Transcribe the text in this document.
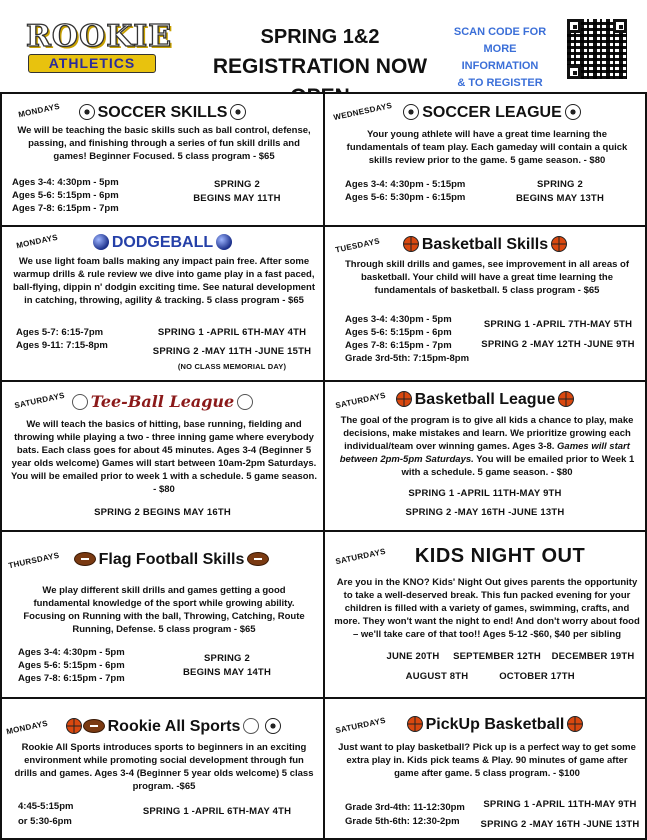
ROOKIE
ATHLETICS
SPRING 1&2
REGISTRATION NOW
SCAN CODE FOR
MORE INFORMATION
& TO REGISTER
MONDAYS	SOCCER SKILLS
We will be teaching the basic skills such as ball control, defense, passing, and finishing through a series of fun skill drills and games! Beginner Focused. 5 class program - $65
Ages 3-4: 4:30pm - 5pm
Ages 5-6: 5:15pm - 6pm
Ages 7-8: 6:15pm - 7pm
SPRING 2
BEGINS MAY 11TH
WEDNESDAYS	SOCCER LEAGUE
Your young athlete will have a great time learning the fundamentals of team play. Each gameday will contain a quick skills review prior to the game. 5 game season. - $80
Ages 3-4: 4:30pm - 5:15pm
Ages 5-6: 5:30pm - 6:15pm
SPRING 2
BEGINS MAY 13TH
MONDAYS	DODGEBALL
We use light foam balls making any impact pain free. After some warmup drills & rule review we dive into game play in a fast paced, ball-flying, dippin n' dodgin exciting time. See natural development in catching, throwing, agility & tracking. 5 class program - $65
Ages 5-7: 6:15-7pm
Ages 9-11: 7:15-8pm
SPRING 1 -APRIL 6TH-MAY 4TH
SPRING 2 -MAY 11TH -JUNE 15TH
(NO CLASS MEMORIAL DAY)
TUESDAYS	Basketball Skills
Through skill drills and games, see improvement in all areas of basketball. Your child will have a great time learning the fundamentals of basketball. 5 class program - $65
Ages 3-4: 4:30pm - 5pm
Ages 5-6: 5:15pm - 6pm
Ages 7-8: 6:15pm - 7pm
Grade 3rd-5th: 7:15pm-8pm
SPRING 1 -APRIL 7TH-MAY 5TH
SPRING 2 -MAY 12TH -JUNE 9TH
SATURDAYS	Tee-Ball League
We will teach the basics of hitting, base running, fielding and throwing while playing a two - three inning game where everybody bats. Each class goes for about 45 minutes. Ages 3-4 (Beginner 5 year olds welcome) Games will start between 10am-2pm Saturdays. You will be emailed prior to week 1 with a schedule. 5 game season. - $80
SPRING 2 BEGINS MAY 16TH
SATURDAYS	Basketball League
The goal of the program is to give all kids a chance to play, make decisions, make mistakes and learn. We prioritize growing each individual/team over winning games. Ages 3-8. Games will start between 2pm-5pm Saturdays. You will be emailed prior to Week 1 with a schedule. 5 game season. - $80
SPRING 1 -APRIL 11TH-MAY 9TH
SPRING 2 -MAY 16TH -JUNE 13TH
THURSDAYS	Flag Football Skills
We play different skill drills and games getting a good fundamental knowledge of the sport while growing ability. Focusing on Running with the ball, Throwing, Catching, Route Running, Defense. 5 class program - $65
Ages 3-4: 4:30pm - 5pm
Ages 5-6: 5:15pm - 6pm
Ages 7-8: 6:15pm - 7pm
SPRING 2
BEGINS MAY 14TH
SATURDAYS	KIDS NIGHT OUT
Are you in the KNO? Kids' Night Out gives parents the opportunity to take a well-deserved break. This fun packed evening for your children is filled with a variety of games, swimming, crafts, and more. They won't want the night to end! And don't worry about food – we'll take care of that too!! Ages 5-12 -$60, $40 per sibling
JUNE 20TH	SEPTEMBER 12TH	DECEMBER 19TH
AUGUST 8TH	OCTOBER 17TH
MONDAYS	Rookie All Sports
Rookie All Sports introduces sports to beginners in an exciting environment while promoting social development through fun drills and games. Ages 3-4 (Beginner 5 year olds welcome) 5 class program. -$65
4:45-5:15pm
or 5:30-6pm
SPRING 1 -APRIL 6TH-MAY 4TH
SATURDAYS	PickUp Basketball
Just want to play basketball? Pick up is a perfect way to get some extra play in. Kids pick teams & Play. 90 minutes of game after game after game. 5 class program. - $100
Grade 3rd-4th: 11-12:30pm
Grade 5th-6th: 12:30-2pm
SPRING 1 -APRIL 11TH-MAY 9TH
SPRING 2 -MAY 16TH -JUNE 13TH
